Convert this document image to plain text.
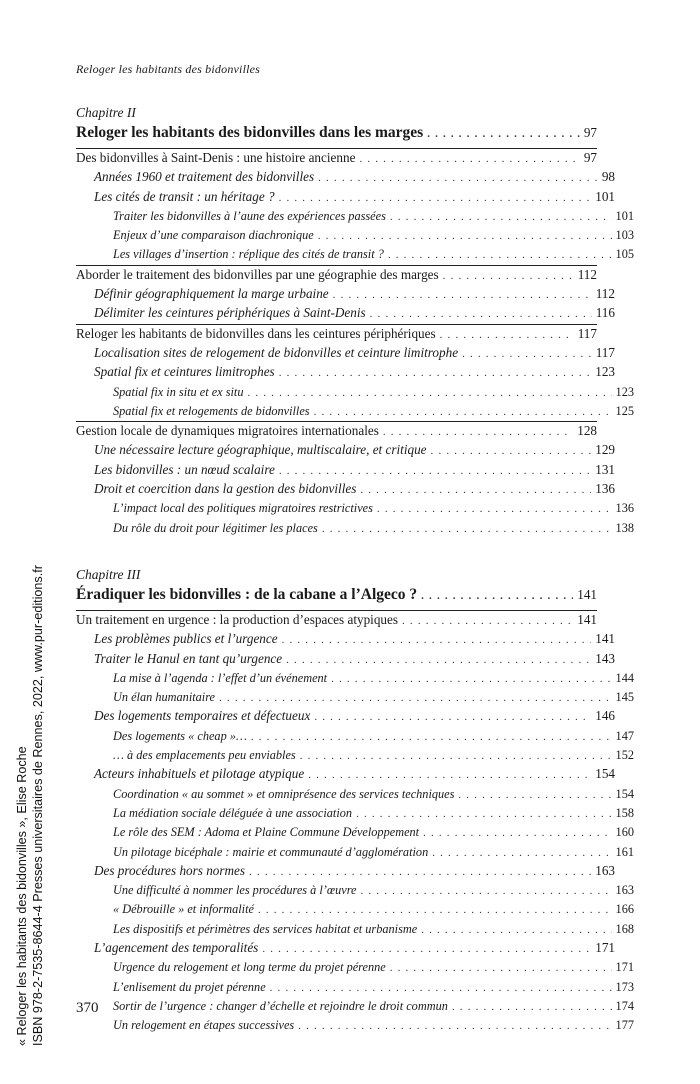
Reloger les habitants des bidonvilles
Chapitre II
Reloger les habitants des bidonvilles dans les marges . . .	97
Des bidonvilles à Saint-Denis : une histoire ancienne . . .	97
Années 1960 et traitement des bidonvilles . . .	98
Les cités de transit : un héritage ? . . .	101
Traiter les bidonvilles à l’aune des expériences passées . . .	101
Enjeux d’une comparaison diachronique . . .	103
Les villages d’insertion : réplique des cités de transit ? . . .	105
Aborder le traitement des bidonvilles par une géographie des marges . . .	112
Définir géographiquement la marge urbaine . . .	112
Délimiter les ceintures périphériques à Saint-Denis . . .	116
Reloger les habitants de bidonvilles dans les ceintures périphériques . . .	117
Localisation sites de relogement de bidonvilles et ceinture limitrophe . . .	117
Spatial fix et ceintures limitrophes . . .	123
Spatial fix in situ et ex situ . . .	123
Spatial fix et relogements de bidonvilles . . .	125
Gestion locale de dynamiques migratoires internationales . . .	128
Une nécessaire lecture géographique, multiscalaire, et critique . . .	129
Les bidonvilles : un nœud scalaire . . .	131
Droit et coercition dans la gestion des bidonvilles . . .	136
L’impact local des politiques migratoires restrictives . . .	136
Du rôle du droit pour légitimer les places . . .	138
Chapitre III
Éradiquer les bidonvilles : de la cabane a l’Algeco ? . . .	141
Un traitement en urgence : la production d’espaces atypiques . . .	141
Les problèmes publics et l’urgence . . .	141
Traiter le Hanul en tant qu’urgence . . .	143
La mise à l’agenda : l’effet d’un événement . . .	144
Un élan humanitaire . . .	145
Des logements temporaires et défectueux . . .	146
Des logements « cheap »… . . .	147
… à des emplacements peu enviables . . .	152
Acteurs inhabituels et pilotage atypique . . .	154
Coordination « au sommet » et omniprésence des services techniques . . .	154
La médiation sociale déléguée à une association . . .	158
Le rôle des SEM : Adoma et Plaine Commune Développement . . .	160
Un pilotage bicéphale : mairie et communauté d’agglomération . . .	161
Des procédures hors normes . . .	163
Une difficulté à nommer les procédures à l’œuvre . . .	163
« Débrouille » et informalité . . .	166
Les dispositifs et périmètres des services habitat et urbanisme . . .	168
L’agencement des temporalités . . .	171
Urgence du relogement et long terme du projet pérenne . . .	171
L’enlisement du projet pérenne . . .	173
Sortir de l’urgence : changer d’échelle et rejoindre le droit commun . . .	174
Un relogement en étapes successives . . .	177
370
« Reloger les habitants des bidonvilles », Elise Roche ISBN 978-2-7535-8644-4 Presses universitaires de Rennes, 2022, www.pur-editions.fr
